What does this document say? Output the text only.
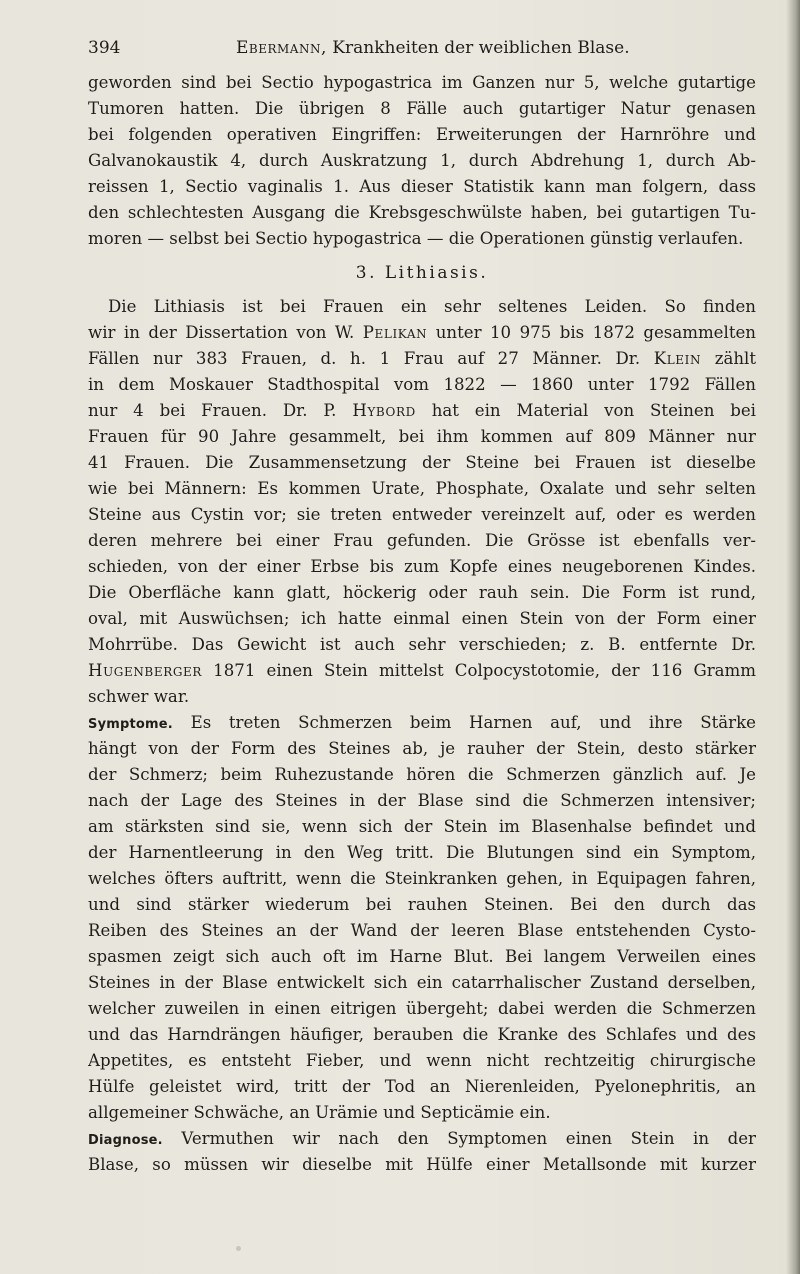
394	Ebermann, Krankheiten der weiblichen Blase.
geworden sind bei Sectio hypogastrica im Ganzen nur 5, welche gutartige
Tumoren hatten. Die übrigen 8 Fälle auch gutartiger Natur genasen
bei folgenden operativen Eingriffen: Erweiterungen der Harnröhre und
Galvanokaustik 4, durch Auskratzung 1, durch Abdrehung 1, durch Ab-
reissen 1, Sectio vaginalis 1. Aus dieser Statistik kann man folgern, dass
den schlechtesten Ausgang die Krebsgeschwülste haben, bei gutartigen Tu-
moren — selbst bei Sectio hypogastrica — die Operationen günstig verlaufen.
3. Lithiasis.
Die Lithiasis ist bei Frauen ein sehr seltenes Leiden. So finden
wir in der Dissertation von W. Pelikan unter 10 975 bis 1872 gesammelten
Fällen nur 383 Frauen, d. h. 1 Frau auf 27 Männer. Dr. Klein zählt
in dem Moskauer Stadthospital vom 1822 — 1860 unter 1792 Fällen
nur 4 bei Frauen. Dr. P. Hybord hat ein Material von Steinen bei
Frauen für 90 Jahre gesammelt, bei ihm kommen auf 809 Männer nur
41 Frauen. Die Zusammensetzung der Steine bei Frauen ist dieselbe
wie bei Männern: Es kommen Urate, Phosphate, Oxalate und sehr selten
Steine aus Cystin vor; sie treten entweder vereinzelt auf, oder es werden
deren mehrere bei einer Frau gefunden. Die Grösse ist ebenfalls ver-
schieden, von der einer Erbse bis zum Kopfe eines neugeborenen Kindes.
Die Oberfläche kann glatt, höckerig oder rauh sein. Die Form ist rund,
oval, mit Auswüchsen; ich hatte einmal einen Stein von der Form einer
Mohrrübe. Das Gewicht ist auch sehr verschieden; z. B. entfernte Dr.
Hugenberger 1871 einen Stein mittelst Colpocystotomie, der 116 Gramm
schwer war.
Symptome. Es treten Schmerzen beim Harnen auf, und ihre Stärke
hängt von der Form des Steines ab, je rauher der Stein, desto stärker
der Schmerz; beim Ruhezustande hören die Schmerzen gänzlich auf. Je
nach der Lage des Steines in der Blase sind die Schmerzen intensiver;
am stärksten sind sie, wenn sich der Stein im Blasenhalse befindet und
der Harnentleerung in den Weg tritt. Die Blutungen sind ein Symptom,
welches öfters auftritt, wenn die Steinkranken gehen, in Equipagen fahren,
und sind stärker wiederum bei rauhen Steinen. Bei den durch das
Reiben des Steines an der Wand der leeren Blase entstehenden Cysto-
spasmen zeigt sich auch oft im Harne Blut. Bei langem Verweilen eines
Steines in der Blase entwickelt sich ein catarrhalischer Zustand derselben,
welcher zuweilen in einen eitrigen übergeht; dabei werden die Schmerzen
und das Harndrängen häufiger, berauben die Kranke des Schlafes und des
Appetites, es entsteht Fieber, und wenn nicht rechtzeitig chirurgische
Hülfe geleistet wird, tritt der Tod an Nierenleiden, Pyelonephritis, an
allgemeiner Schwäche, an Urämie und Septicämie ein.
Diagnose. Vermuthen wir nach den Symptomen einen Stein in der
Blase, so müssen wir dieselbe mit Hülfe einer Metallsonde mit kurzer
